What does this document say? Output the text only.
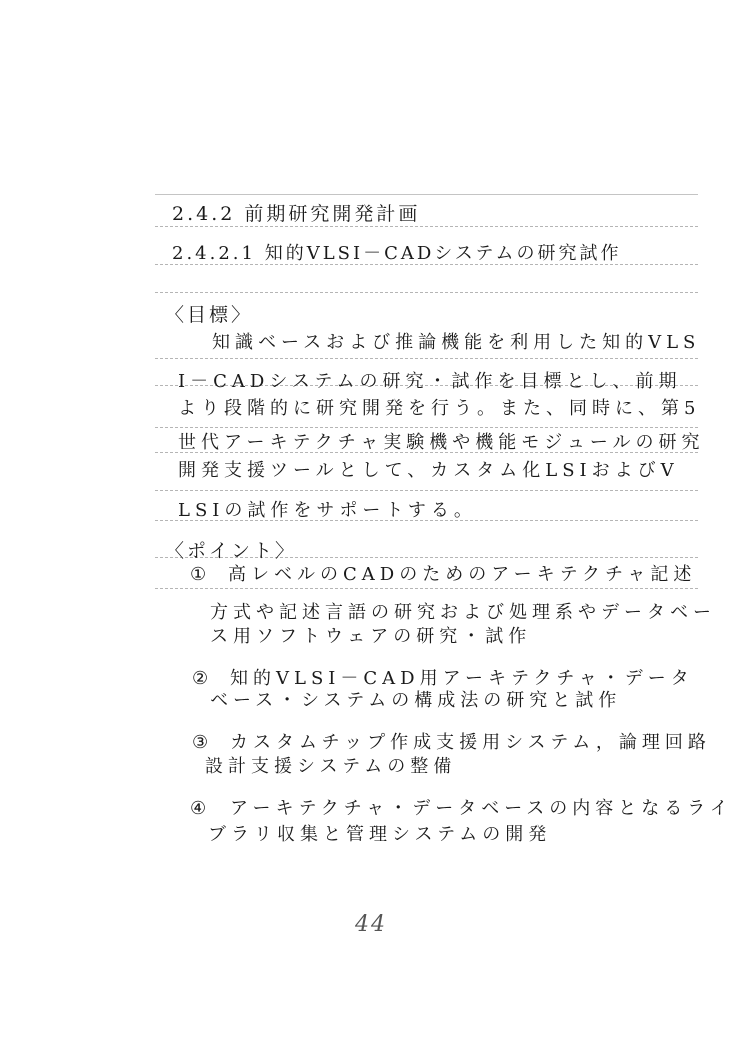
2.4.2 前期研究開発計画
2.4.2.1 知的VLSI－CADシステムの研究試作
〈目標〉
知識ベースおよび推論機能を利用した知的VLS
I－CADシステムの研究・試作を目標とし、前期
より段階的に研究開発を行う。また、同時に、第5
世代アーキテクチャ実験機や機能モジュールの研究
開発支援ツールとして、カスタム化LSIおよびV
LSIの試作をサポートする。
〈ポイント〉
① 高レベルのCADのためのアーキテクチャ記述
方式や記述言語の研究および処理系やデータベー
ス用ソフトウェアの研究・試作
② 知的VLSI－CAD用アーキテクチャ・データ
ベース・システムの構成法の研究と試作
③ カスタムチップ作成支援用システム，論理回路
設計支援システムの整備
④ アーキテクチャ・データベースの内容となるライ
ブラリ収集と管理システムの開発
44
